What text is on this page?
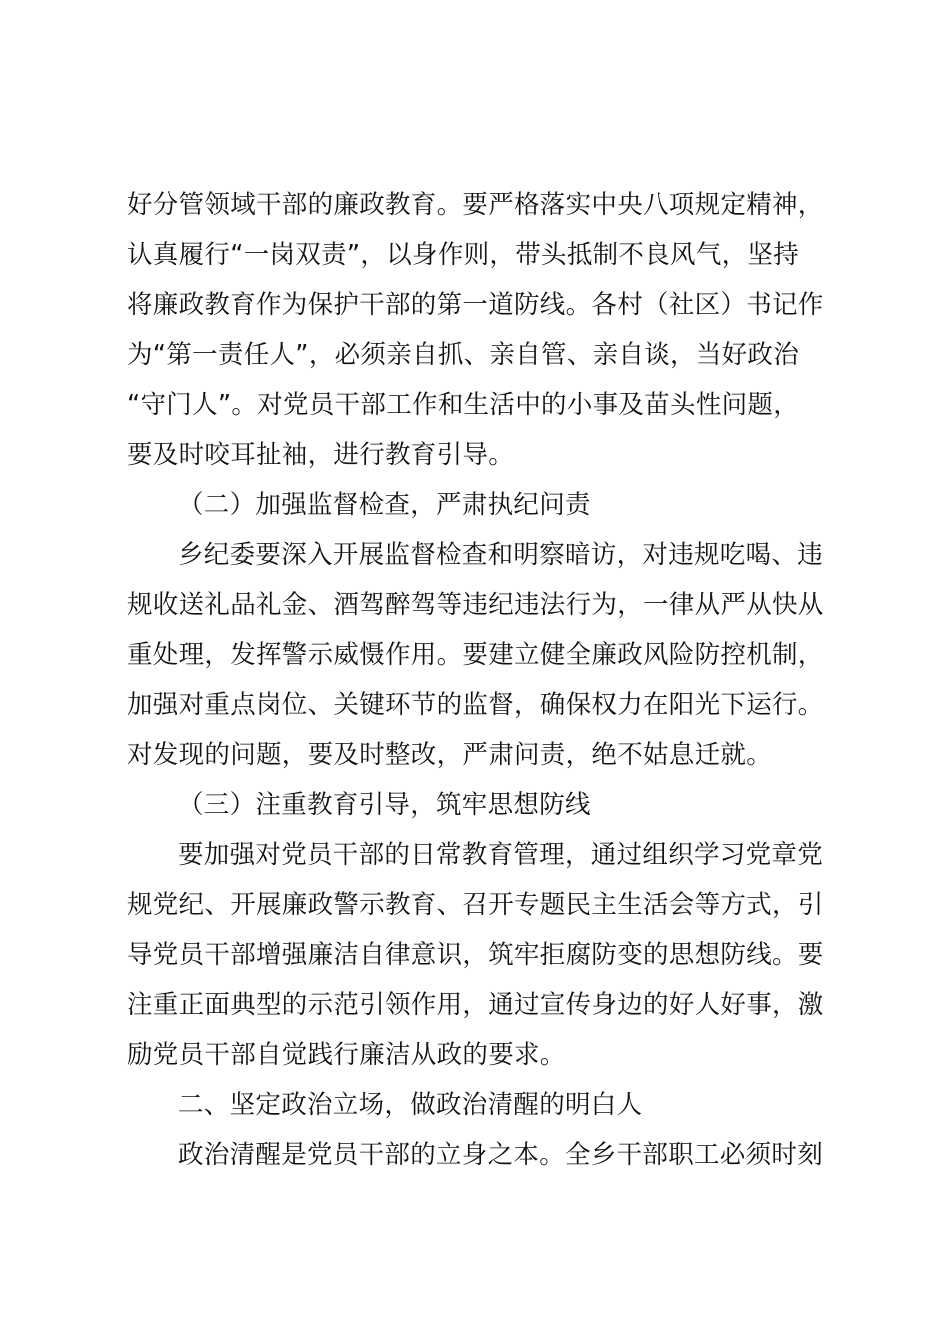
好分管领域干部的廉政教育。要严格落实中央八项规定精神，
认真履行“一岗双责”，以身作则，带头抵制不良风气，坚持
将廉政教育作为保护干部的第一道防线。各村（社区）书记作
为“第一责任人”，必须亲自抓、亲自管、亲自谈，当好政治
“守门人”。对党员干部工作和生活中的小事及苗头性问题，
要及时咬耳扯袖，进行教育引导。
（二）加强监督检查，严肃执纪问责
乡纪委要深入开展监督检查和明察暗访，对违规吃喝、违
规收送礼品礼金、酒驾醉驾等违纪违法行为，一律从严从快从
重处理，发挥警示威慑作用。要建立健全廉政风险防控机制，
加强对重点岗位、关键环节的监督，确保权力在阳光下运行。
对发现的问题，要及时整改，严肃问责，绝不姑息迁就。
（三）注重教育引导，筑牢思想防线
要加强对党员干部的日常教育管理，通过组织学习党章党
规党纪、开展廉政警示教育、召开专题民主生活会等方式，引
导党员干部增强廉洁自律意识，筑牢拒腐防变的思想防线。要
注重正面典型的示范引领作用，通过宣传身边的好人好事，激
励党员干部自觉践行廉洁从政的要求。
二、坚定政治立场，做政治清醒的明白人
政治清醒是党员干部的立身之本。全乡干部职工必须时刻
